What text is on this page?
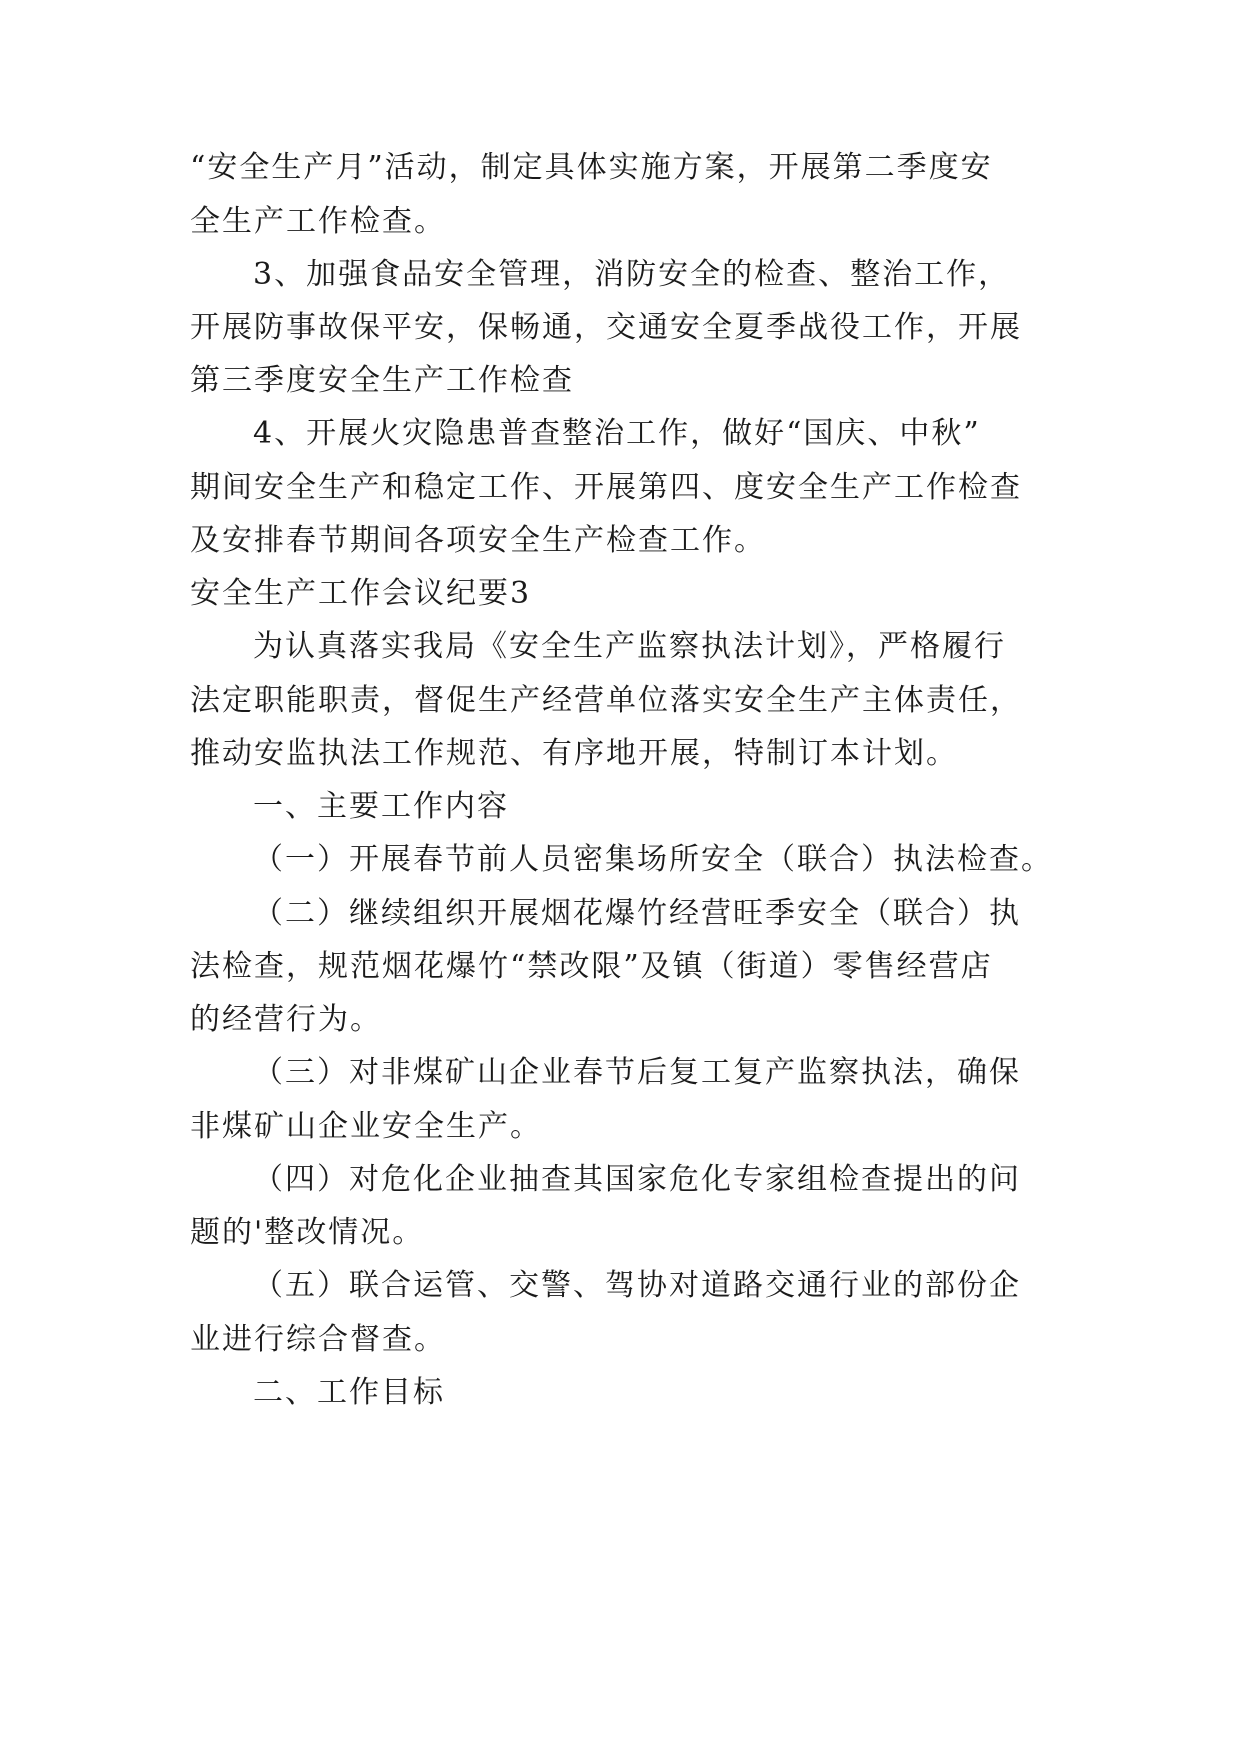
“安全生产月”活动，制定具体实施方案，开展第二季度安
全生产工作检查。
3、加强食品安全管理，消防安全的检查、整治工作，
开展防事故保平安，保畅通，交通安全夏季战役工作，开展
第三季度安全生产工作检查
4、开展火灾隐患普查整治工作，做好“国庆、中秋”
期间安全生产和稳定工作、开展第四、度安全生产工作检查
及安排春节期间各项安全生产检查工作。
安全生产工作会议纪要3
为认真落实我局《安全生产监察执法计划》，严格履行
法定职能职责，督促生产经营单位落实安全生产主体责任，
推动安监执法工作规范、有序地开展，特制订本计划。
一、主要工作内容
（一）开展春节前人员密集场所安全（联合）执法检查。
（二）继续组织开展烟花爆竹经营旺季安全（联合）执
法检查，规范烟花爆竹“禁改限”及镇（街道）零售经营店
的经营行为。
（三）对非煤矿山企业春节后复工复产监察执法，确保
非煤矿山企业安全生产。
（四）对危化企业抽查其国家危化专家组检查提出的问
题的'整改情况。
（五）联合运管、交警、驾协对道路交通行业的部份企
业进行综合督查。
二、工作目标
